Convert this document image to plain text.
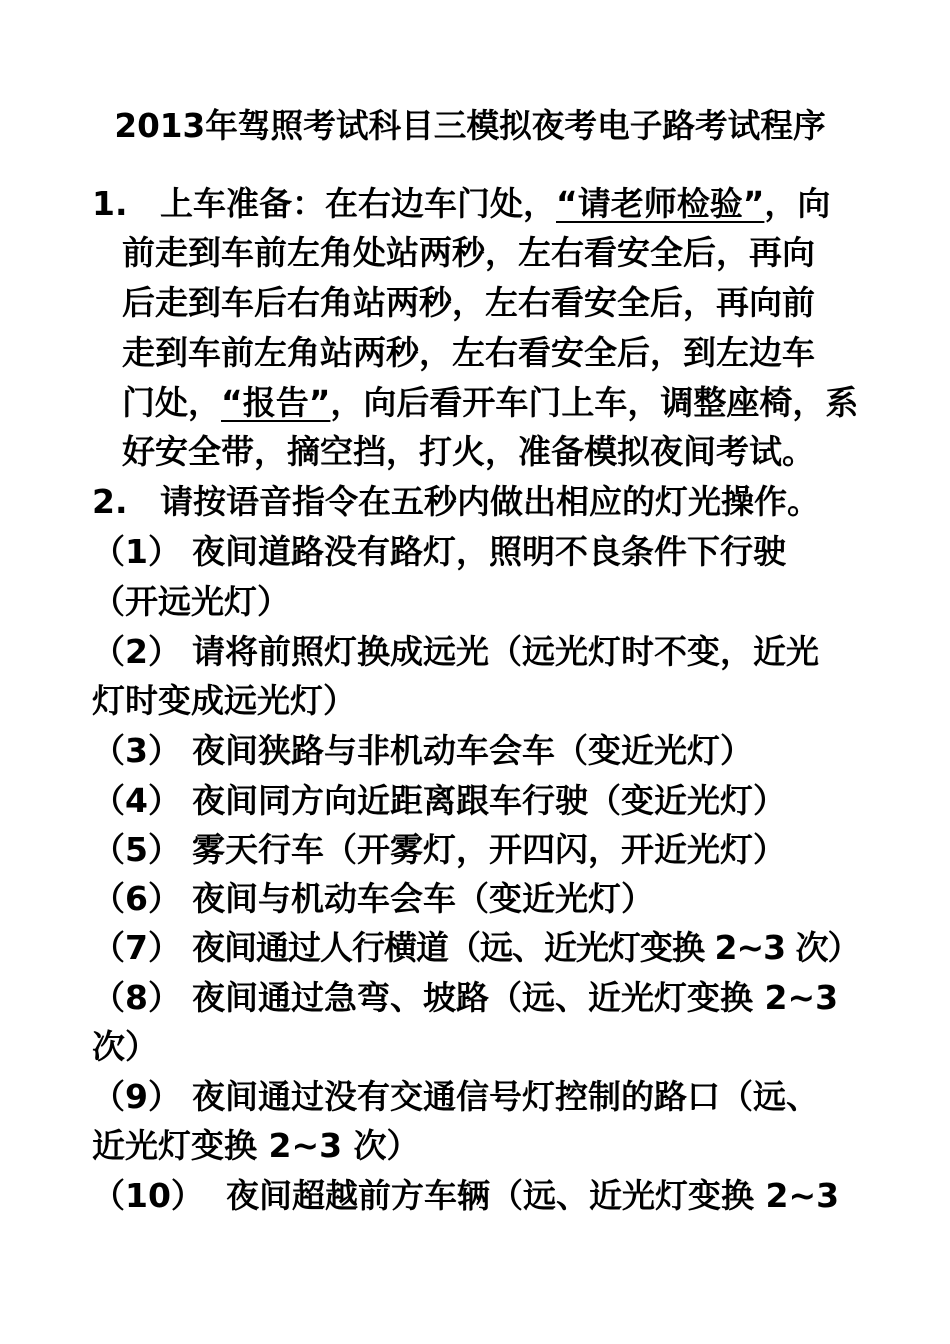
2013年驾照考试科目三模拟夜考电子路考试程序
1. 上车准备：在右边车门处，“请老师检验”，向
前走到车前左角处站两秒，左右看安全后，再向
后走到车后右角站两秒，左右看安全后，再向前
走到车前左角站两秒，左右看安全后，到左边车
门处，“报告”，向后看开车门上车，调整座椅，系
好安全带，摘空挡，打火，准备模拟夜间考试。
2. 请按语音指令在五秒内做出相应的灯光操作。
（1） 夜间道路没有路灯，照明不良条件下行驶
（开远光灯）
（2） 请将前照灯换成远光（远光灯时不变，近光
灯时变成远光灯）
（3） 夜间狭路与非机动车会车（变近光灯）
（4） 夜间同方向近距离跟车行驶（变近光灯）
（5） 雾天行车（开雾灯，开四闪，开近光灯）
（6） 夜间与机动车会车（变近光灯）
（7） 夜间通过人行横道（远、近光灯变换 2~3 次）
（8） 夜间通过急弯、坡路（远、近光灯变换 2~3
次）
（9） 夜间通过没有交通信号灯控制的路口（远、
近光灯变换 2~3 次）
（10） 夜间超越前方车辆（远、近光灯变换 2~3
